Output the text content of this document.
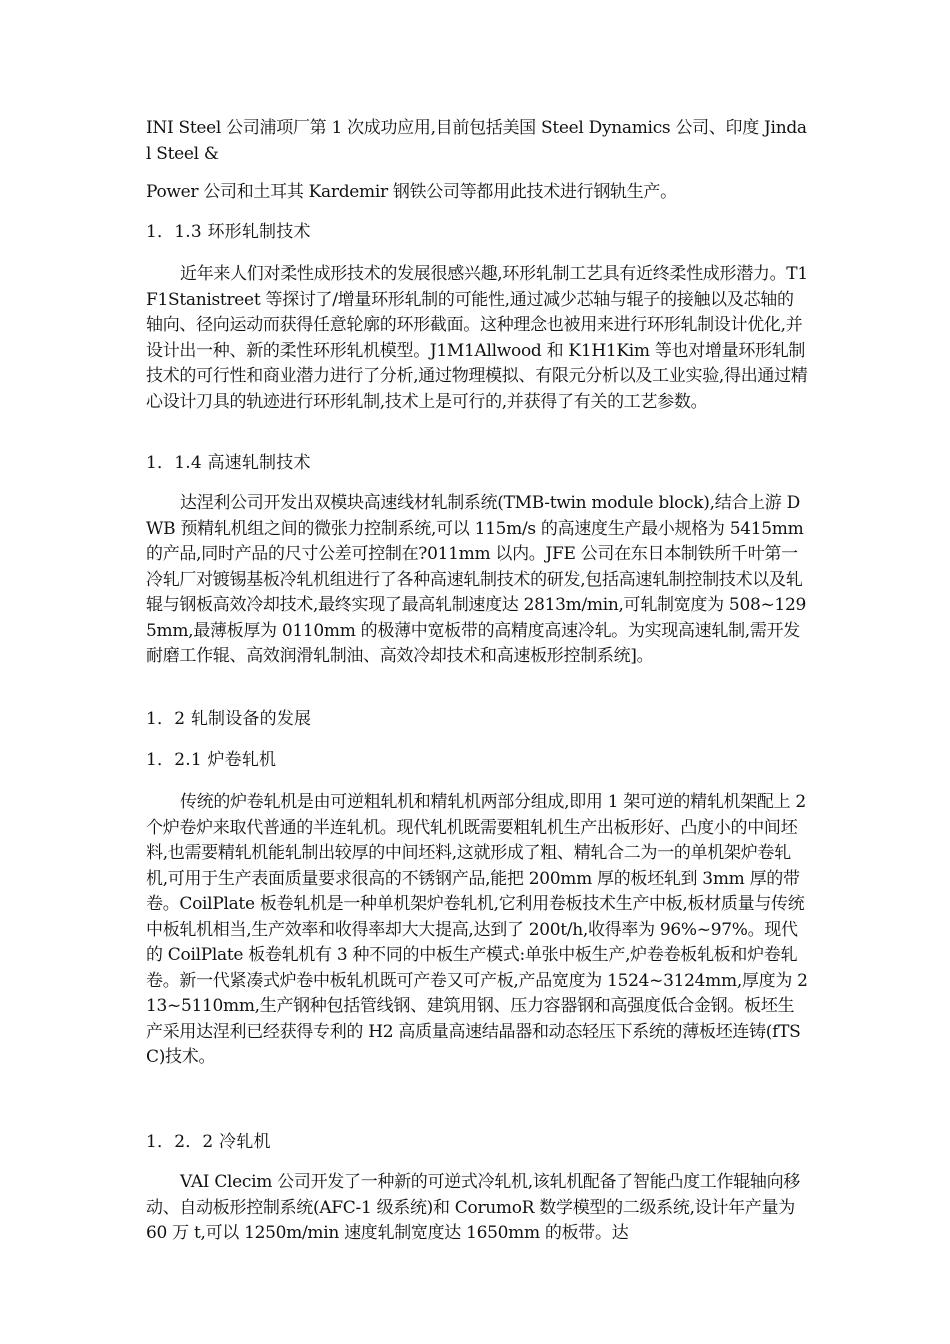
INI Steel 公司浦项厂第 1 次成功应用,目前包括美国 Steel Dynamics 公司、印度 Jindal Steel &

Power 公司和土耳其 Kardemir 钢铁公司等都用此技术进行钢轨生产。

1．1.3 环形轧制技术

近年来人们对柔性成形技术的发展很感兴趣,环形轧制工艺具有近终柔性成形潜力。T1F1Stanistreet 等探讨了/增量环形轧制的可能性,通过减少芯轴与辊子的接触以及芯轴的轴向、径向运动而获得任意轮廓的环形截面。这种理念也被用来进行环形轧制设计优化,并设计出一种、新的柔性环形轧机模型。J1M1Allwood 和 K1H1Kim 等也对增量环形轧制技术的可行性和商业潜力进行了分析,通过物理模拟、有限元分析以及工业实验,得出通过精心设计刀具的轨迹进行环形轧制,技术上是可行的,并获得了有关的工艺参数。

1．1.4 高速轧制技术

达涅利公司开发出双模块高速线材轧制系统(TMB-twin module block),结合上游 DWB 预精轧机组之间的微张力控制系统,可以 115m/s 的高速度生产最小规格为 5415mm 的产品,同时产品的尺寸公差可控制在?011mm 以内。JFE 公司在东日本制铁所千叶第一冷轧厂对镀锡基板冷轧机组进行了各种高速轧制技术的研发,包括高速轧制控制技术以及轧辊与钢板高效冷却技术,最终实现了最高轧制速度达 2813m/min,可轧制宽度为 508~1295mm,最薄板厚为 0110mm 的极薄中宽板带的高精度高速冷轧。为实现高速轧制,需开发耐磨工作辊、高效润滑轧制油、高效冷却技术和高速板形控制系统]。

1．2 轧制设备的发展

1．2.1 炉卷轧机

传统的炉卷轧机是由可逆粗轧机和精轧机两部分组成,即用 1 架可逆的精轧机架配上 2 个炉卷炉来取代普通的半连轧机。现代轧机既需要粗轧机生产出板形好、凸度小的中间坯料,也需要精轧机能轧制出较厚的中间坯料,这就形成了粗、精轧合二为一的单机架炉卷轧机,可用于生产表面质量要求很高的不锈钢产品,能把 200mm 厚的板坯轧到 3mm 厚的带卷。CoilPlate 板卷轧机是一种单机架炉卷轧机,它利用卷板技术生产中板,板材质量与传统中板轧机相当,生产效率和收得率却大大提高,达到了 200t/h,收得率为 96%~97%。现代的 CoilPlate 板卷轧机有 3 种不同的中板生产模式:单张中板生产,炉卷卷板轧板和炉卷轧卷。新一代紧凑式炉卷中板轧机既可产卷又可产板,产品宽度为 1524~3124mm,厚度为 213~5110mm,生产钢种包括管线钢、建筑用钢、压力容器钢和高强度低合金钢。板坯生产采用达涅利已经获得专利的 H2 高质量高速结晶器和动态轻压下系统的薄板坯连铸(fTSC)技术。

1．2．2 冷轧机

VAI Clecim 公司开发了一种新的可逆式冷轧机,该轧机配备了智能凸度工作辊轴向移动、自动板形控制系统(AFC-1 级系统)和 CorumoR 数学模型的二级系统,设计年产量为 60 万 t,可以 1250m/min 速度轧制宽度达 1650mm 的板带。达
